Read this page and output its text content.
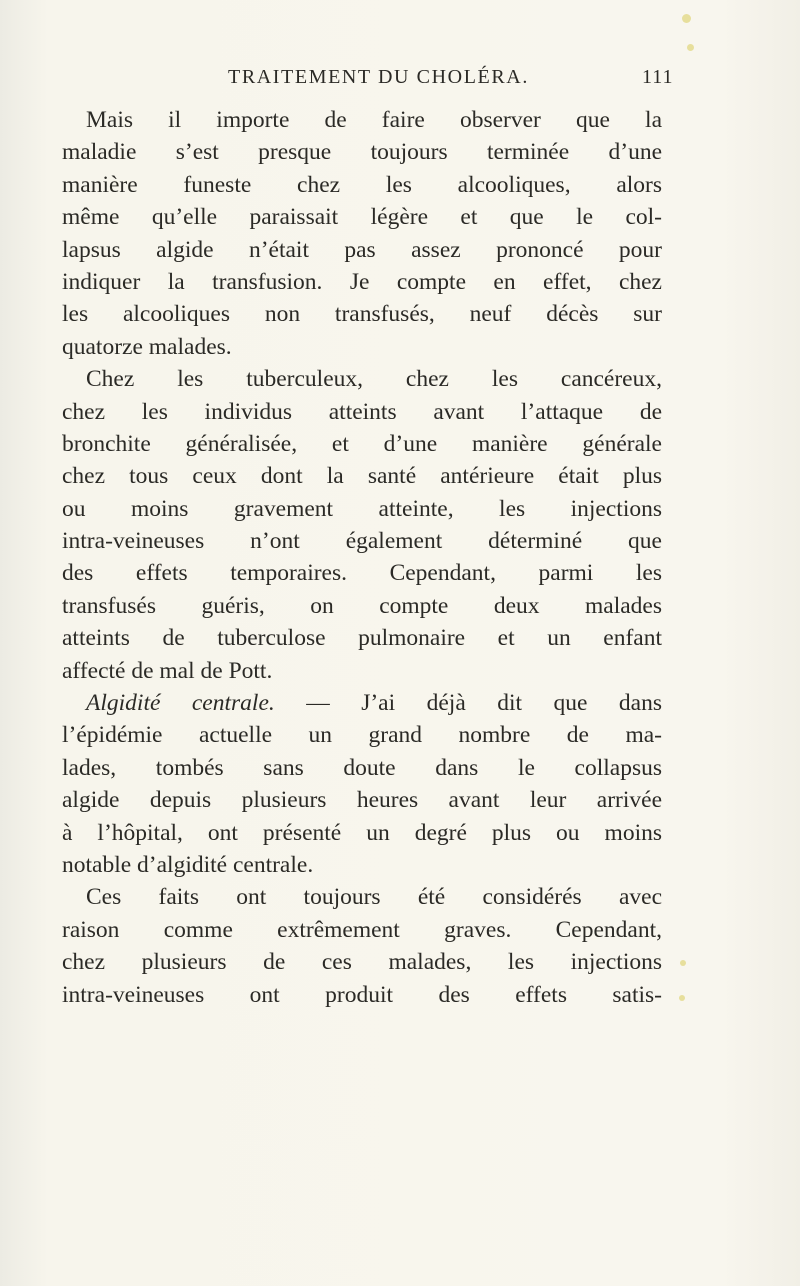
TRAITEMENT DU CHOLÉRA.	111
Mais il importe de faire observer que la
maladie s’est presque toujours terminée d’une
manière funeste chez les alcooliques, alors
même qu’elle paraissait légère et que le col-
lapsus algide n’était pas assez prononcé pour
indiquer la transfusion. Je compte en effet, chez
les alcooliques non transfusés, neuf décès sur
quatorze malades.
Chez les tuberculeux, chez les cancéreux,
chez les individus atteints avant l’attaque de
bronchite généralisée, et d’une manière générale
chez tous ceux dont la santé antérieure était plus
ou moins gravement atteinte, les injections
intra-veineuses n’ont également déterminé que
des effets temporaires. Cependant, parmi les
transfusés guéris, on compte deux malades
atteints de tuberculose pulmonaire et un enfant
affecté de mal de Pott.
Algidité centrale. — J’ai déjà dit que dans
l’épidémie actuelle un grand nombre de ma-
lades, tombés sans doute dans le collapsus
algide depuis plusieurs heures avant leur arrivée
à l’hôpital, ont présenté un degré plus ou moins
notable d’algidité centrale.
Ces faits ont toujours été considérés avec
raison comme extrêmement graves. Cependant,
chez plusieurs de ces malades, les injections
intra-veineuses ont produit des effets satis-
